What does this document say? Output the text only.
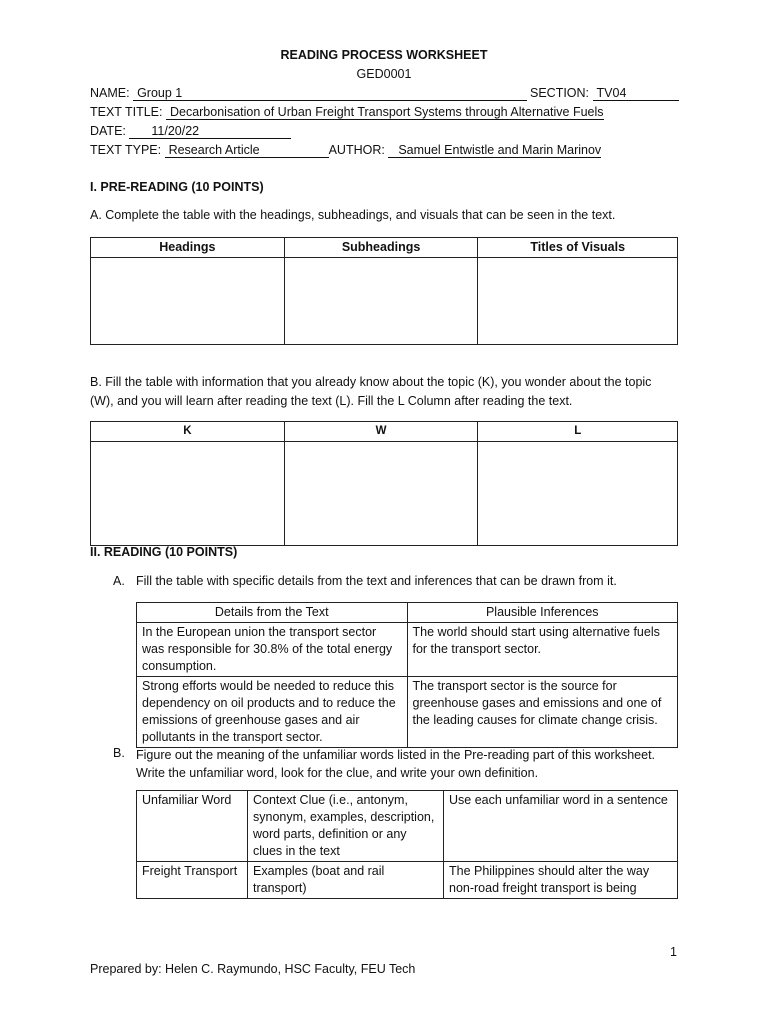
READING PROCESS WORKSHEET
GED0001
NAME: Group 1	SECTION: TV04
TEXT TITLE: Decarbonisation of Urban Freight Transport Systems through Alternative Fuels
DATE: 11/20/22
TEXT TYPE: Research Article	AUTHOR: Samuel Entwistle and Marin Marinov
I. PRE-READING (10 POINTS)
A. Complete the table with the headings, subheadings, and visuals that can be seen in the text.
Headings	Subheadings	Titles of Visuals

B. Fill the table with information that you already know about the topic (K), you wonder about the topic
(W), and you will learn after reading the text (L). Fill the L Column after reading the text.
K	W	L

II. READING (10 POINTS)
A. Fill the table with specific details from the text and inferences that can be drawn from it.
Details from the Text	Plausible Inferences
In the European union the transport sector was responsible for 30.8% of the total energy consumption.	The world should start using alternative fuels for the transport sector.
Strong efforts would be needed to reduce this dependency on oil products and to reduce the emissions of greenhouse gases and air pollutants in the transport sector.	The transport sector is the source for greenhouse gases and emissions and one of the leading causes for climate change crisis.
B. Figure out the meaning of the unfamiliar words listed in the Pre-reading part of this worksheet.
Write the unfamiliar word, look for the clue, and write your own definition.
Unfamiliar Word	Context Clue (i.e., antonym, synonym, examples, description, word parts, definition or any clues in the text	Use each unfamiliar word in a sentence
Freight Transport	Examples (boat and rail transport)	The Philippines should alter the way non-road freight transport is being
1
Prepared by: Helen C. Raymundo, HSC Faculty, FEU Tech
